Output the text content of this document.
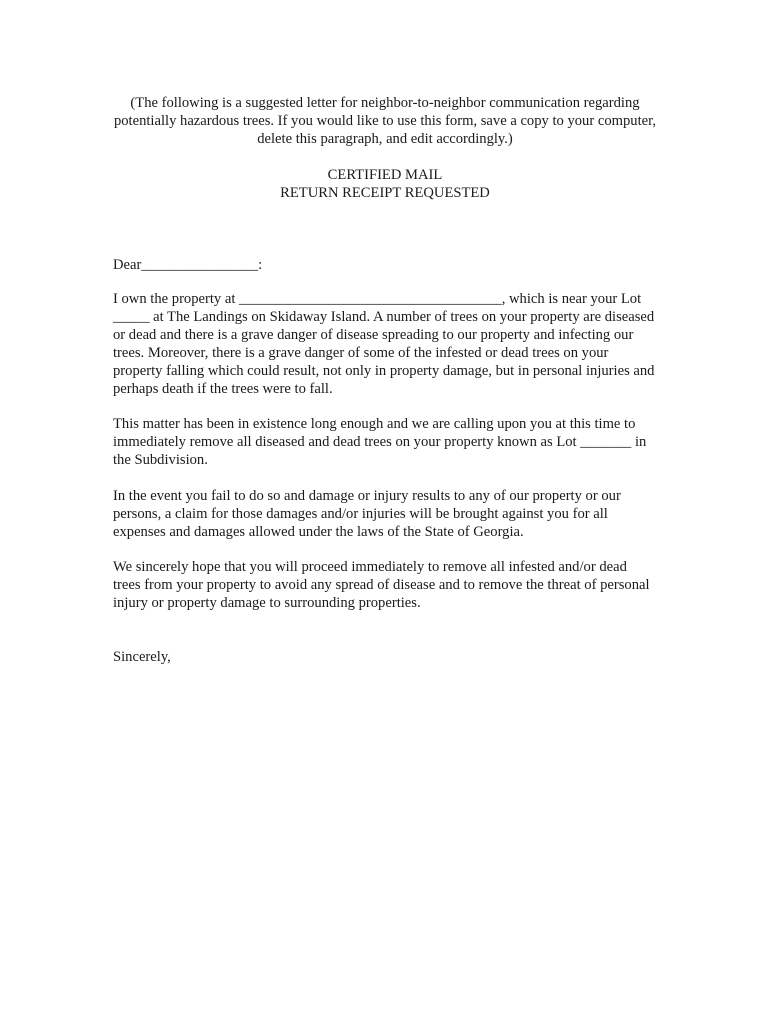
(The following is a suggested letter for neighbor-to-neighbor communication regarding potentially hazardous trees. If you would like to use this form, save a copy to your computer, delete this paragraph, and edit accordingly.)

CERTIFIED MAIL
RETURN RECEIPT REQUESTED

Dear________________:

I own the property at ____________________________________, which is near your Lot _____ at The Landings on Skidaway Island. A number of trees on your property are diseased or dead and there is a grave danger of disease spreading to our property and infecting our trees. Moreover, there is a grave danger of some of the infested or dead trees on your property falling which could result, not only in property damage, but in personal injuries and perhaps death if the trees were to fall.

This matter has been in existence long enough and we are calling upon you at this time to immediately remove all diseased and dead trees on your property known as Lot _______ in the Subdivision.

In the event you fail to do so and damage or injury results to any of our property or our persons, a claim for those damages and/or injuries will be brought against you for all expenses and damages allowed under the laws of the State of Georgia.

We sincerely hope that you will proceed immediately to remove all infested and/or dead trees from your property to avoid any spread of disease and to remove the threat of personal injury or property damage to surrounding properties.

Sincerely,
